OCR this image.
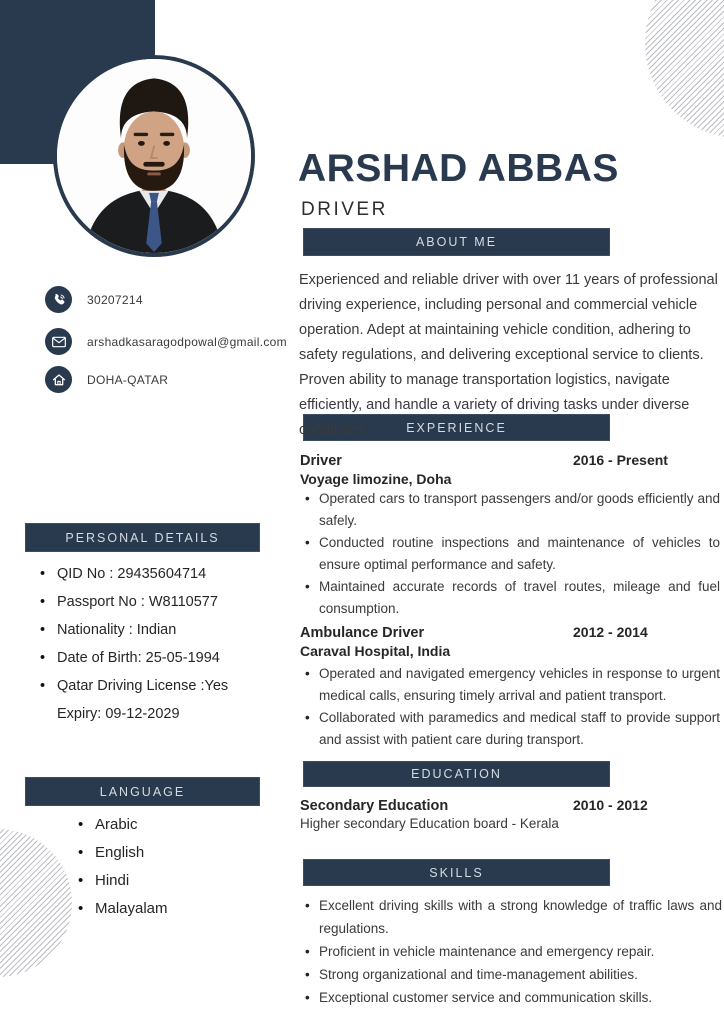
30207214
arshadkasaragodpowal@gmail.com
DOHA-QATAR
ARSHAD ABBAS
DRIVER
ABOUT ME
Experienced and reliable driver with over 11 years of professional driving experience, including personal and commercial vehicle operation. Adept at maintaining vehicle condition, adhering to safety regulations, and delivering exceptional service to clients. Proven ability to manage transportation logistics, navigate efficiently, and handle a variety of driving tasks under diverse conditions.	EXPERIENCE
Driver
Voyage limozine, Doha
2016 - Present
• Operated cars to transport passengers and/or goods efficiently and safely.
• Conducted routine inspections and maintenance of vehicles to ensure optimal performance and safety.
• Maintained accurate records of travel routes, mileage and fuel consumption.
Ambulance Driver
Caraval Hospital, India
2012 - 2014
• Operated and navigated emergency vehicles in response to urgent medical calls, ensuring timely arrival and patient transport.
• Collaborated with paramedics and medical staff to provide support and assist with patient care during transport.
EDUCATION
Secondary Education
Higher secondary Education board - Kerala
2010 - 2012
SKILLS
• Excellent driving skills with a strong knowledge of traffic laws and regulations.
• Proficient in vehicle maintenance and emergency repair.
• Strong organizational and time-management abilities.
• Exceptional customer service and communication skills.
PERSONAL DETAILS
• QID No : 29435604714
• Passport No : W8110577
• Nationality : Indian
• Date of Birth: 25-05-1994
• Qatar Driving License :Yes
Expiry: 09-12-2029
LANGUAGE
• Arabic
• English
• Hindi
• Malayalam
